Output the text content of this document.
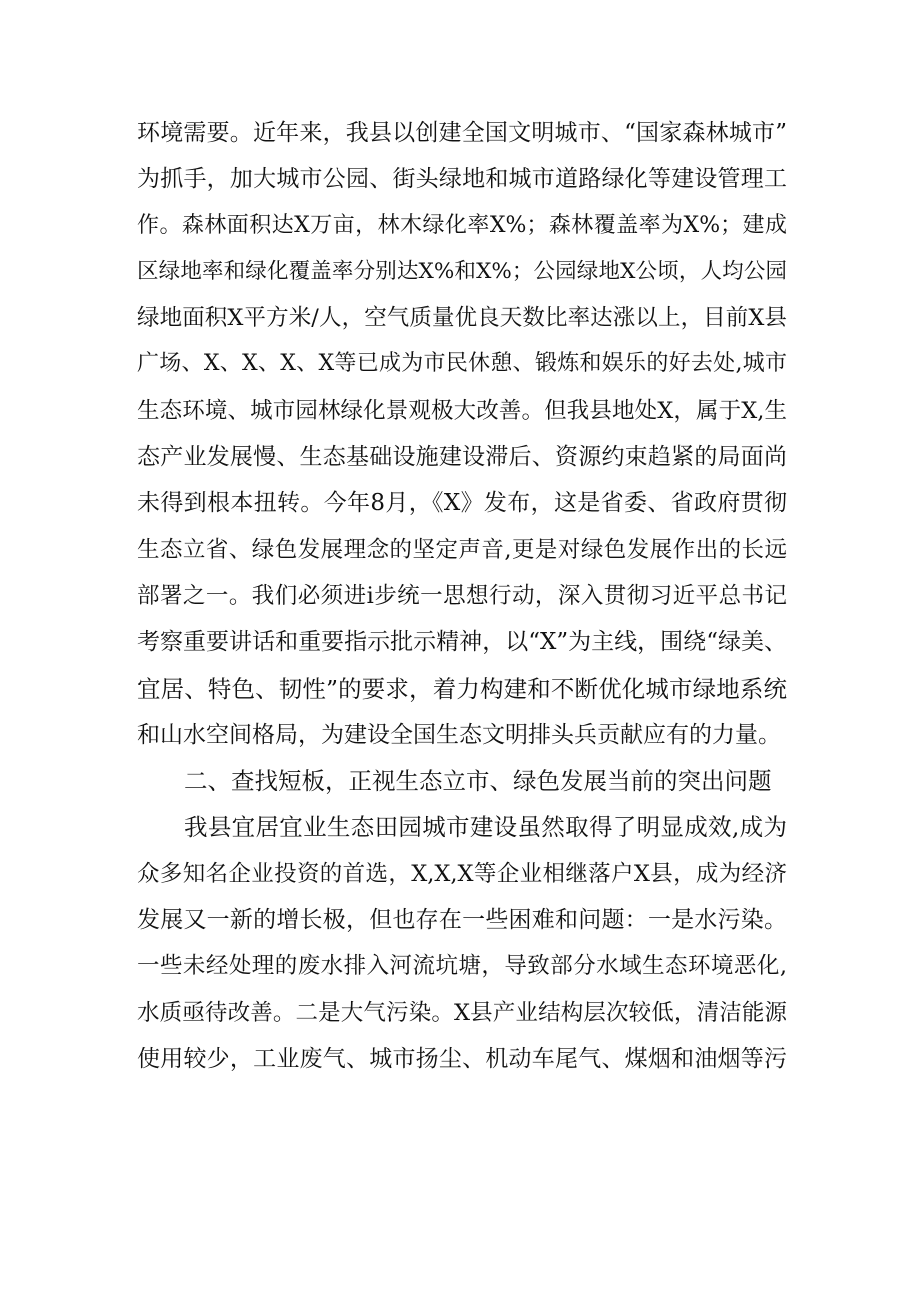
环境需要。近年来，我县以创建全国文明城市、“国家森林城市”
为抓手，加大城市公园、街头绿地和城市道路绿化等建设管理工
作。森林面积达X万亩，林木绿化率X%；森林覆盖率为X%；建成
区绿地率和绿化覆盖率分别达X%和X%；公园绿地X公顷，人均公园
绿地面积X平方米/人，空气质量优良天数比率达涨以上，目前X县
广场、X、X、X、X等已成为市民休憩、锻炼和娱乐的好去处,城市
生态环境、城市园林绿化景观极大改善。但我县地处X，属于X,生
态产业发展慢、生态基础设施建设滞后、资源约束趋紧的局面尚
未得到根本扭转。今年8月，《X》发布，这是省委、省政府贯彻
生态立省、绿色发展理念的坚定声音,更是对绿色发展作出的长远
部署之一。我们必须进i步统一思想行动，深入贯彻习近平总书记
考察重要讲话和重要指示批示精神，以“X”为主线，围绕“绿美、
宜居、特色、韧性”的要求，着力构建和不断优化城市绿地系统
和山水空间格局，为建设全国生态文明排头兵贡献应有的力量。
二、查找短板，正视生态立市、绿色发展当前的突出问题
我县宜居宜业生态田园城市建设虽然取得了明显成效,成为
众多知名企业投资的首选，X,X,X等企业相继落户X县，成为经济
发展又一新的增长极，但也存在一些困难和问题：一是水污染。
一些未经处理的废水排入河流坑塘，导致部分水域生态环境恶化,
水质亟待改善。二是大气污染。X县产业结构层次较低，清洁能源
使用较少，工业废气、城市扬尘、机动车尾气、煤烟和油烟等污
